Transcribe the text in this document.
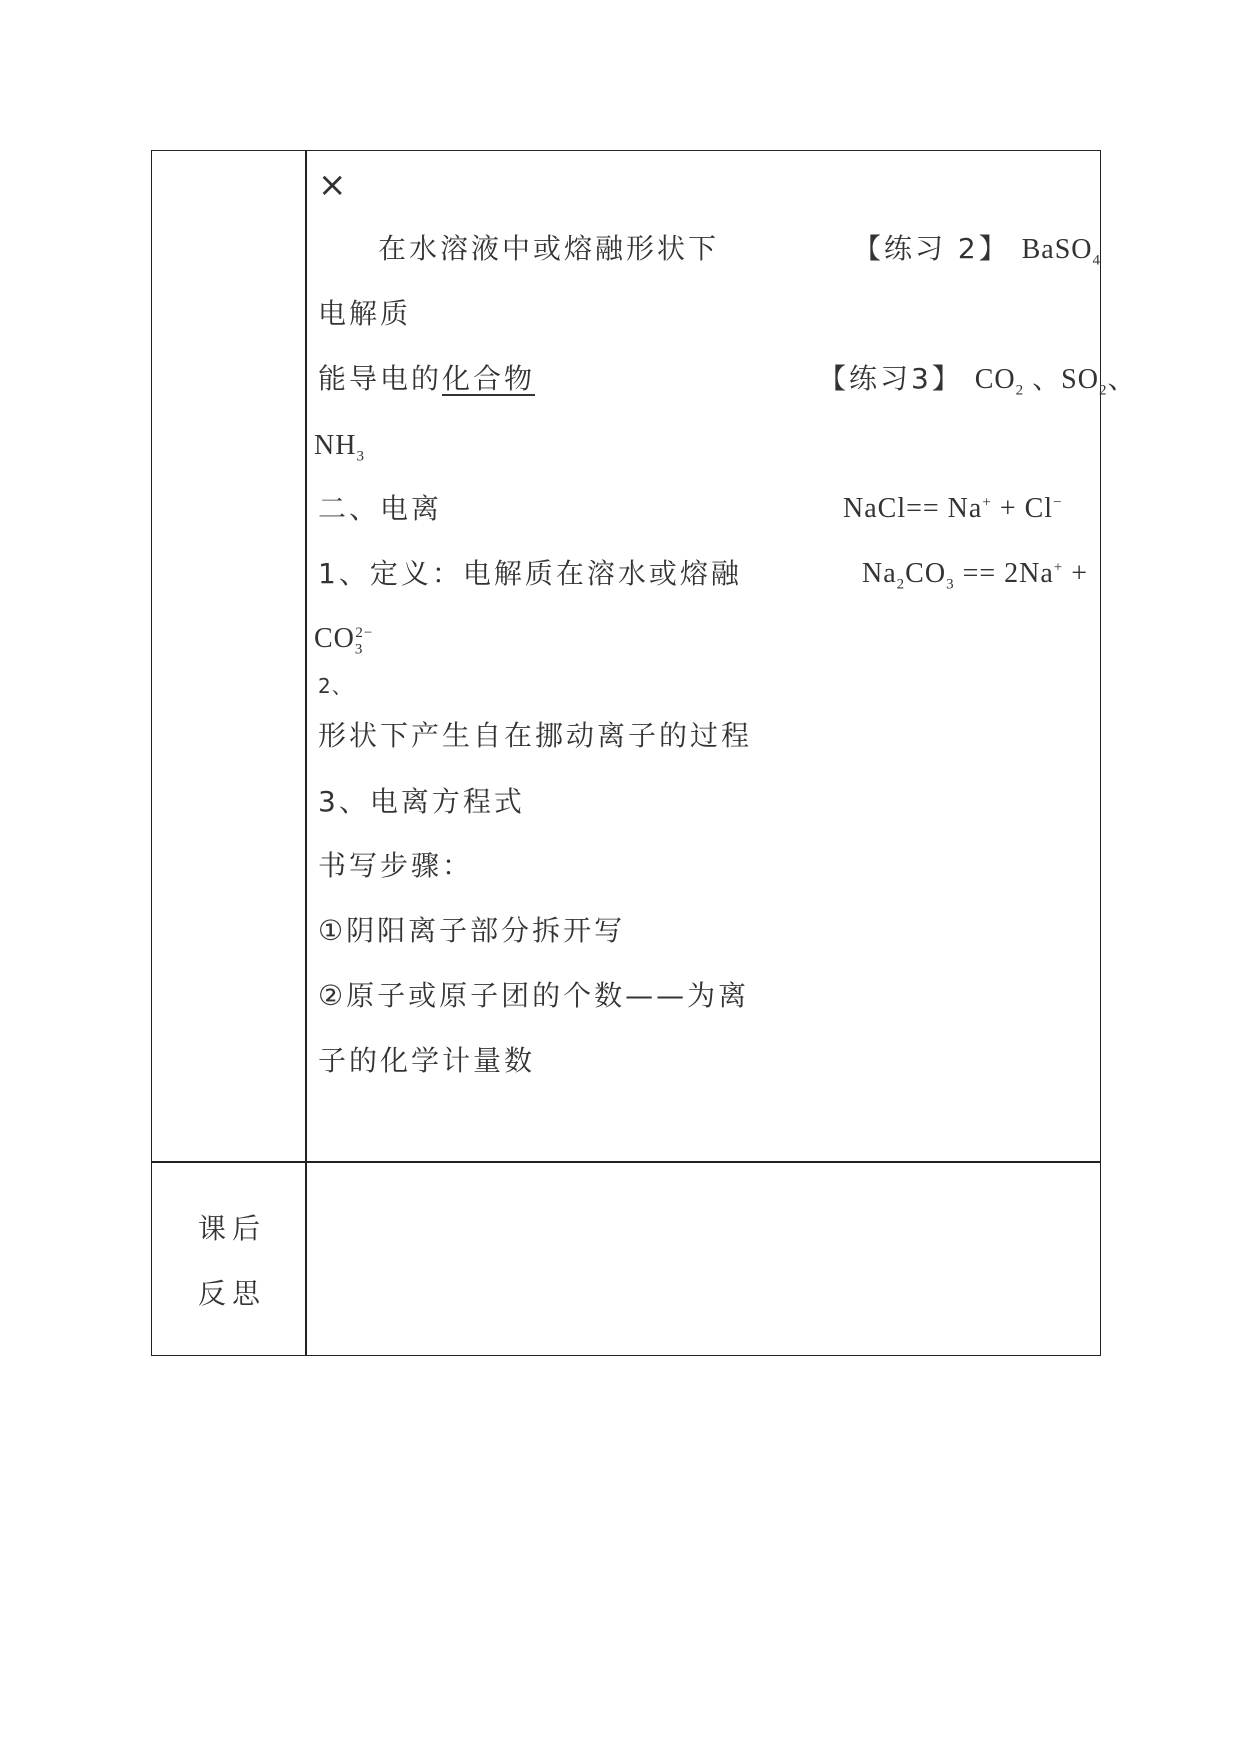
×
在水溶液中或熔融形状下
电解质
能导电的化合物
二、电离
1、定义：电解质在溶水或熔融
2、
形状下产生自在挪动离子的过程
3、电离方程式
书写步骤：
①阴阳离子部分拆开写
②原子或原子团的个数——为离
子的化学计量数
【练习 2】 BaSO$_4$
【练习3】 $CO_2$ 、$SO_2$、
$NH_3$
NaCl== Na+ + Cl−
$Na_2CO_3 == 2Na^+$ +
$CO_3^{2-}$
课后
反思
